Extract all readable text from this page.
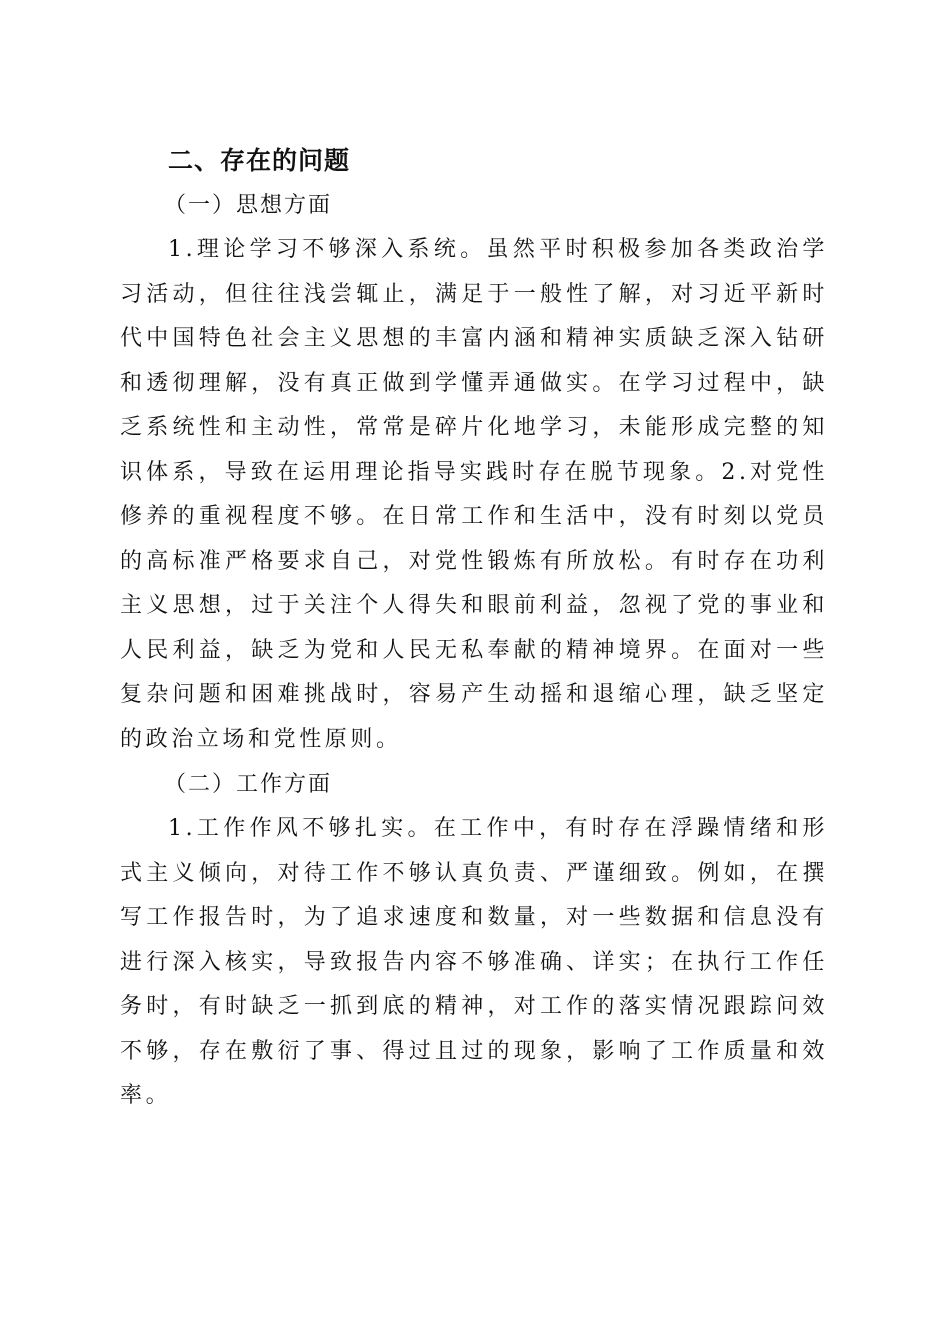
二、存在的问题

（一）思想方面

1.理论学习不够深入系统。虽然平时积极参加各类政治学习活动，但往往浅尝辄止，满足于一般性了解，对习近平新时代中国特色社会主义思想的丰富内涵和精神实质缺乏深入钻研和透彻理解，没有真正做到学懂弄通做实。在学习过程中，缺乏系统性和主动性，常常是碎片化地学习，未能形成完整的知识体系，导致在运用理论指导实践时存在脱节现象。2.对党性修养的重视程度不够。在日常工作和生活中，没有时刻以党员的高标准严格要求自己，对党性锻炼有所放松。有时存在功利主义思想，过于关注个人得失和眼前利益，忽视了党的事业和人民利益，缺乏为党和人民无私奉献的精神境界。在面对一些复杂问题和困难挑战时，容易产生动摇和退缩心理，缺乏坚定的政治立场和党性原则。

（二）工作方面

1.工作作风不够扎实。在工作中，有时存在浮躁情绪和形式主义倾向，对待工作不够认真负责、严谨细致。例如，在撰写工作报告时，为了追求速度和数量，对一些数据和信息没有进行深入核实，导致报告内容不够准确、详实；在执行工作任务时，有时缺乏一抓到底的精神，对工作的落实情况跟踪问效不够，存在敷衍了事、得过且过的现象，影响了工作质量和效率。
